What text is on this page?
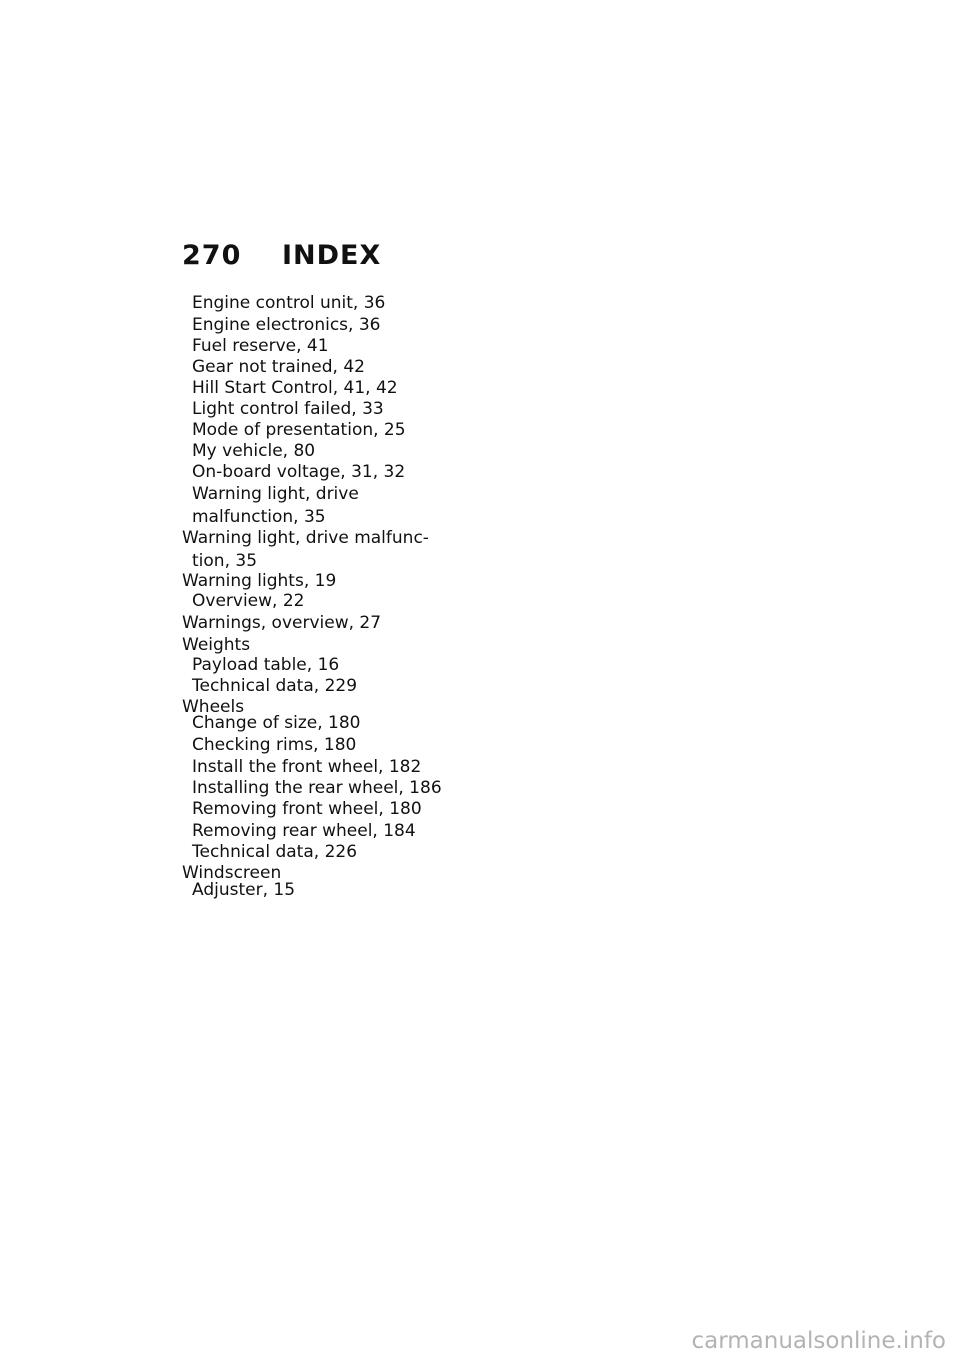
270 INDEX
Engine control unit, 36
Engine electronics, 36
Fuel reserve, 41
Gear not trained, 42
Hill Start Control, 41, 42
Light control failed, 33
Mode of presentation, 25
My vehicle, 80
On-board voltage, 31, 32
Warning light, drive
malfunction, 35
Warning light, drive malfunc-
tion, 35
Warning lights, 19
Overview, 22
Warnings, overview, 27
Weights
Payload table, 16
Technical data, 229
Wheels
Change of size, 180
Checking rims, 180
Install the front wheel, 182
Installing the rear wheel, 186
Removing front wheel, 180
Removing rear wheel, 184
Technical data, 226
Windscreen
Adjuster, 15
carmanualsonline.info
